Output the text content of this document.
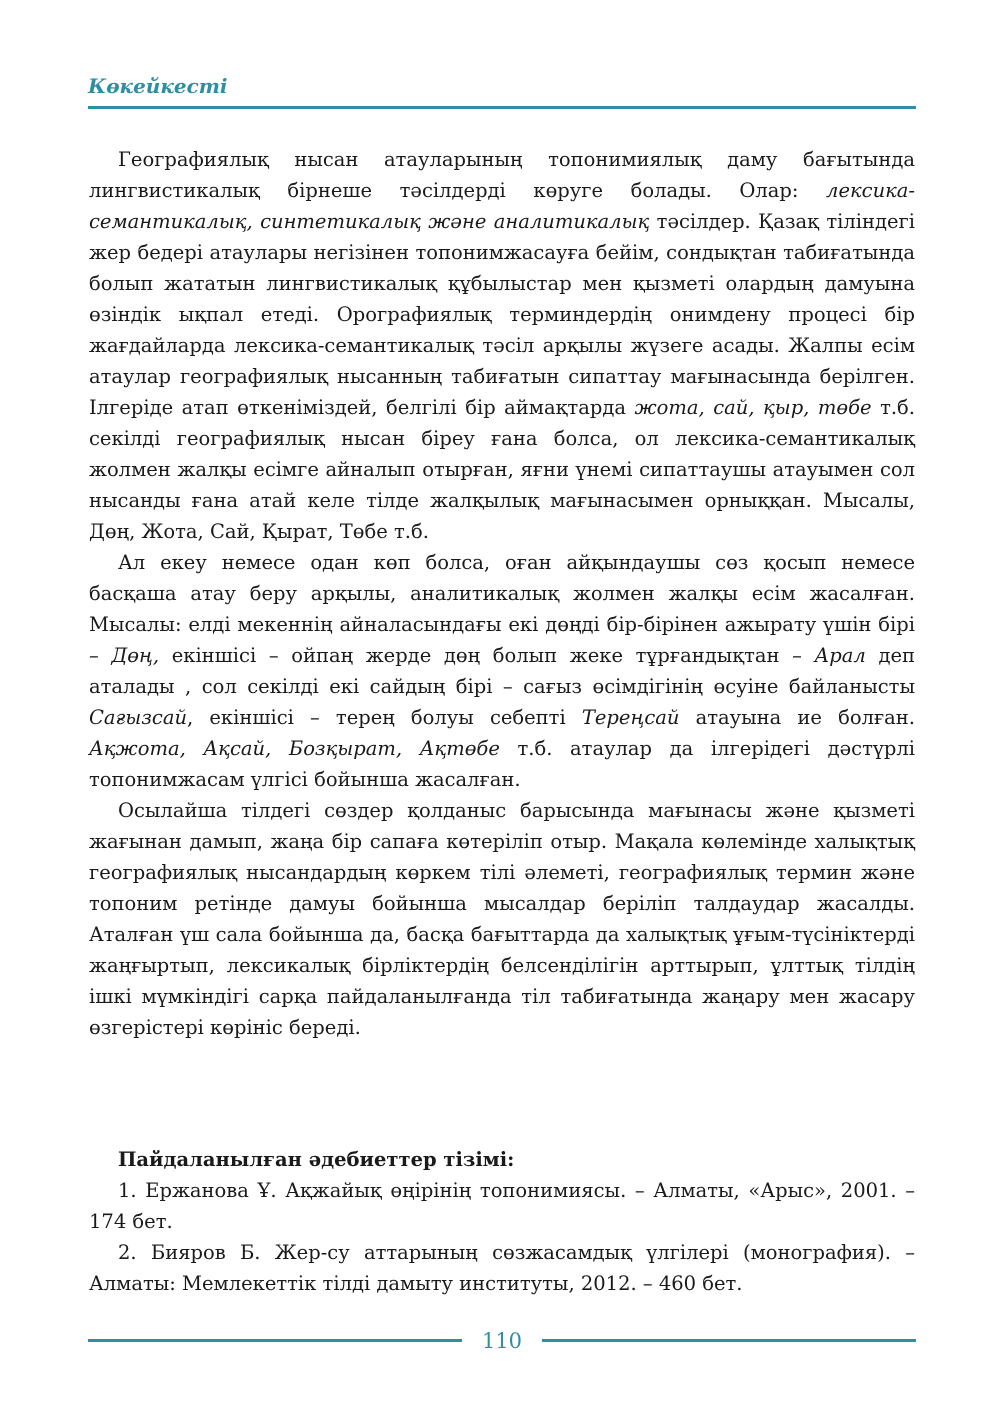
Көкейкесті

Географиялық нысан атауларының топонимиялық даму бағытында лингвистикалық бірнеше тәсілдерді көруге болады. Олар: лексика-семантикалық, синтетикалық және аналитикалық тәсілдер. Қазақ тіліндегі жер бедері атаулары негізінен топонимжасауға бейім, сондықтан табиғатында болып жататын лингвистикалық құбылыстар мен қызметі олардың дамуына өзіндік ықпал етеді. Орографиялық терминдердің онимдену процесі бір жағдайларда лексика-семантикалық тәсіл арқылы жүзеге асады. Жалпы есім атаулар географиялық нысанның табиғатын сипаттау мағынасында берілген. Ілгеріде атап өткеніміздей, белгілі бір аймақтарда жота, сай, қыр, төбе т.б. секілді географиялық нысан біреу ғана болса, ол лексика-семантикалық жолмен жалқы есімге айналып отырған, яғни үнемі сипаттаушы атауымен сол нысанды ғана атай келе тілде жалқылық мағынасымен орныққан. Мысалы, Дөң, Жота, Сай, Қырат, Төбе т.б.

Ал екеу немесе одан көп болса, оған айқындаушы сөз қосып немесе басқаша атау беру арқылы, аналитикалық жолмен жалқы есім жасалған. Мысалы: елді мекеннің айналасындағы екі дөңді бір-бірінен ажырату үшін бірі – Дөң, екіншісі – ойпаң жерде дөң болып жеке тұрғандықтан – Арал деп аталады , сол секілді екі сайдың бірі – сағыз өсімдігінің өсуіне байланысты Сағызсай, екіншісі – терең болуы себепті Тереңсай атауына ие болған. Ақжота, Ақсай, Бозқырат, Ақтөбе т.б. атаулар да ілгерідегі дәстүрлі топонимжасам үлгісі бойынша жасалған.

Осылайша тілдегі сөздер қолданыс барысында мағынасы және қызметі жағынан дамып, жаңа бір сапаға көтеріліп отыр. Мақала көлемінде халықтық географиялық нысандардың көркем тілі әлеметі, географиялық термин және топоним ретінде дамуы бойынша мысалдар беріліп талдаудар жасалды. Аталған үш сала бойынша да, басқа бағыттарда да халықтық ұғым-түсініктерді жаңғыртып, лексикалық бірліктердің белсенділігін арттырып, ұлттық тілдің ішкі мүмкіндігі сарқа пайдаланылғанда тіл табиғатында жаңару мен жасару өзгерістері көрініс береді.

Пайдаланылған әдебиеттер тізімі:

1. Ержанова Ұ. Ақжайық өңірінің топонимиясы. – Алматы, «Арыс», 2001. – 174 бет.

2. Бияров Б. Жер-су аттарының сөзжасамдық үлгілері (монография). – Алматы: Мемлекеттік тілді дамыту институты, 2012. – 460 бет.

110
